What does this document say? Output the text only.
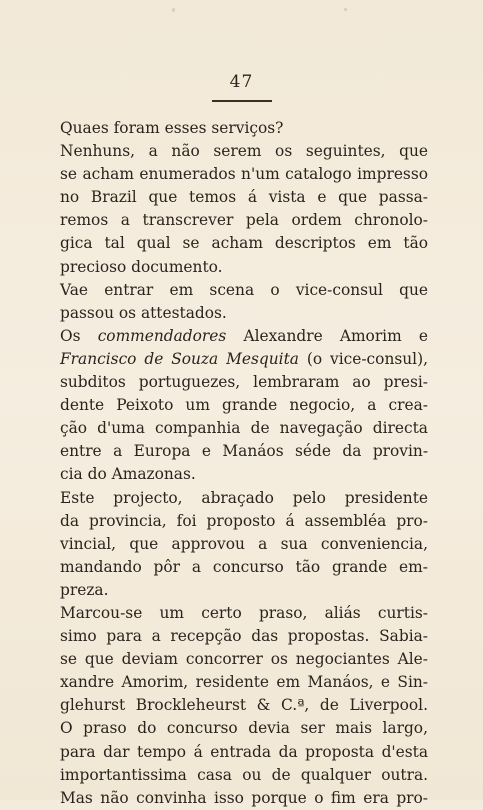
47
Quaes foram esses serviços?
Nenhuns, a não serem os seguintes, que
se acham enumerados n'um catalogo impresso
no Brazil que temos á vista e que passa-
remos a transcrever pela ordem chronolo-
gica tal qual se acham descriptos em tão
precioso documento.
Vae entrar em scena o vice-consul que
passou os attestados.
Os commendadores Alexandre Amorim e
Francisco de Souza Mesquita (o vice-consul),
subditos portuguezes, lembraram ao presi-
dente Peixoto um grande negocio, a crea-
ção d'uma companhia de navegação directa
entre a Europa e Manáos séde da provin-
cia do Amazonas.
Este projecto, abraçado pelo presidente
da provincia, foi proposto á assembléa pro-
vincial, que approvou a sua conveniencia,
mandando pôr a concurso tão grande em-
preza.
Marcou-se um certo praso, aliás curtis-
simo para a recepção das propostas. Sabia-
se que deviam concorrer os negociantes Ale-
xandre Amorim, residente em Manáos, e Sin-
glehurst Brockleheurst & C.ª, de Liverpool.
O praso do concurso devia ser mais largo,
para dar tempo á entrada da proposta d'esta
importantissima casa ou de qualquer outra.
Mas não convinha isso porque o fim era pro-
